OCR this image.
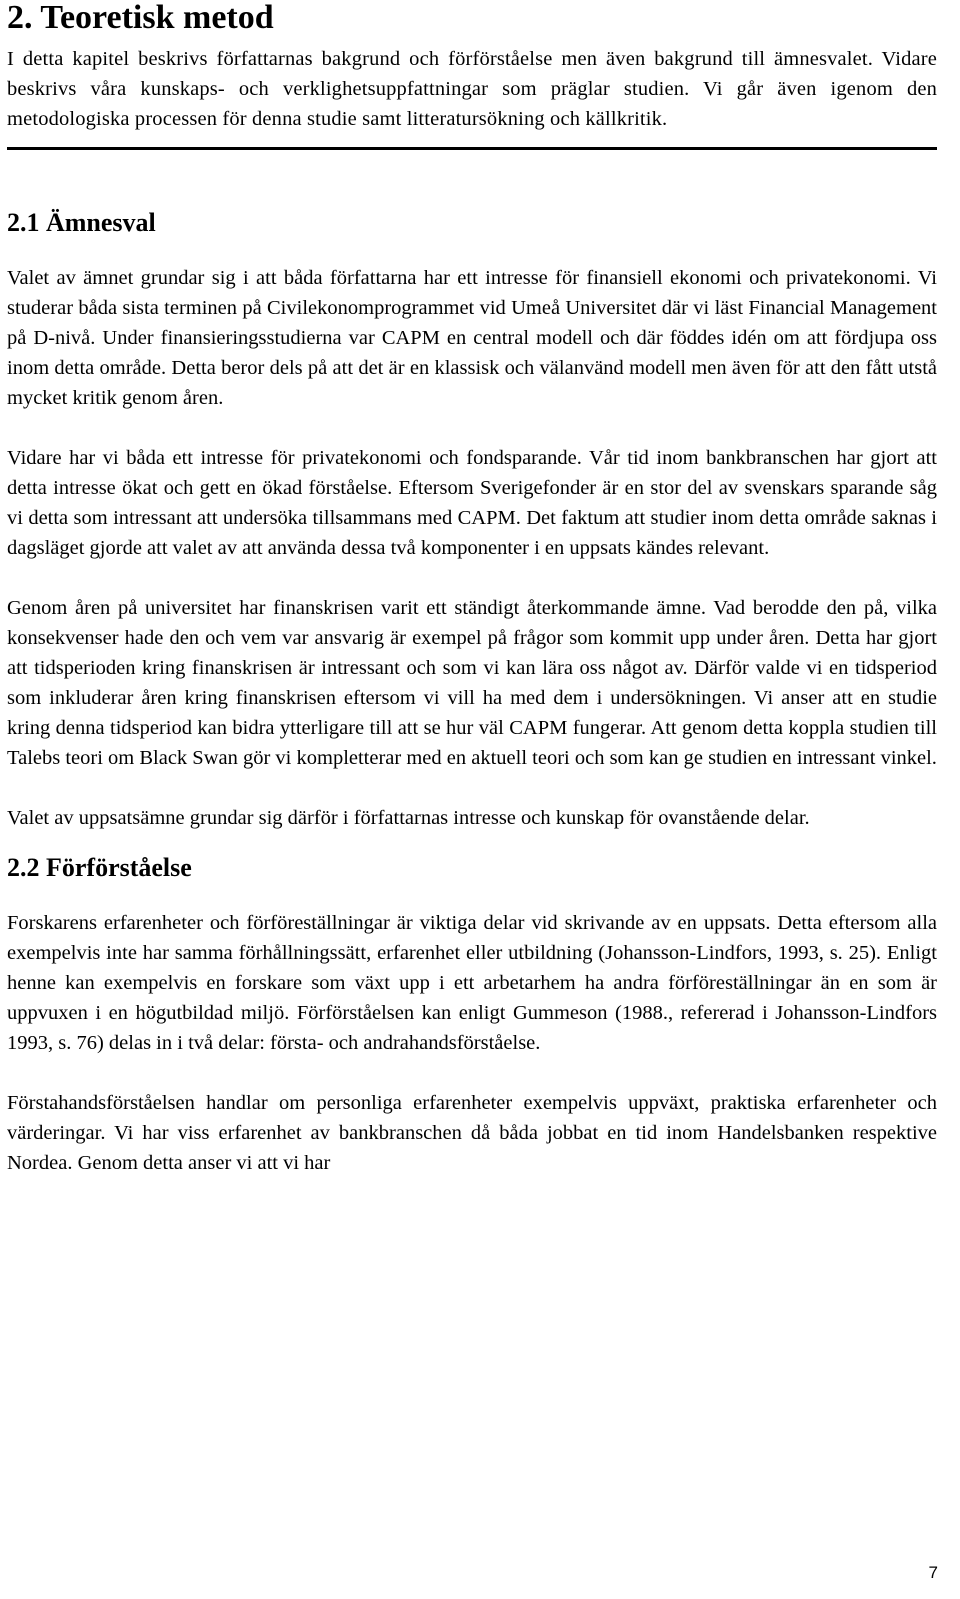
2. Teoretisk metod

I detta kapitel beskrivs författarnas bakgrund och förförståelse men även bakgrund till ämnesvalet. Vidare beskrivs våra kunskaps- och verklighetsuppfattningar som präglar studien. Vi går även igenom den metodologiska processen för denna studie samt litteratursökning och källkritik.

2.1 Ämnesval

Valet av ämnet grundar sig i att båda författarna har ett intresse för finansiell ekonomi och privatekonomi. Vi studerar båda sista terminen på Civilekonomprogrammet vid Umeå Universitet där vi läst Financial Management på D-nivå. Under finansieringsstudierna var CAPM en central modell och där föddes idén om att fördjupa oss inom detta område. Detta beror dels på att det är en klassisk och välanvänd modell men även för att den fått utstå mycket kritik genom åren.

Vidare har vi båda ett intresse för privatekonomi och fondsparande. Vår tid inom bankbranschen har gjort att detta intresse ökat och gett en ökad förståelse. Eftersom Sverigefonder är en stor del av svenskars sparande såg vi detta som intressant att undersöka tillsammans med CAPM. Det faktum att studier inom detta område saknas i dagsläget gjorde att valet av att använda dessa två komponenter i en uppsats kändes relevant.

Genom åren på universitet har finanskrisen varit ett ständigt återkommande ämne. Vad berodde den på, vilka konsekvenser hade den och vem var ansvarig är exempel på frågor som kommit upp under åren. Detta har gjort att tidsperioden kring finanskrisen är intressant och som vi kan lära oss något av. Därför valde vi en tidsperiod som inkluderar åren kring finanskrisen eftersom vi vill ha med dem i undersökningen. Vi anser att en studie kring denna tidsperiod kan bidra ytterligare till att se hur väl CAPM fungerar. Att genom detta koppla studien till Talebs teori om Black Swan gör vi kompletterar med en aktuell teori och som kan ge studien en intressant vinkel.

Valet av uppsatsämne grundar sig därför i författarnas intresse och kunskap för ovanstående delar.

2.2 Förförståelse

Forskarens erfarenheter och förföreställningar är viktiga delar vid skrivande av en uppsats. Detta eftersom alla exempelvis inte har samma förhållningssätt, erfarenhet eller utbildning (Johansson-Lindfors, 1993, s. 25). Enligt henne kan exempelvis en forskare som växt upp i ett arbetarhem ha andra förföreställningar än en som är uppvuxen i en högutbildad miljö. Förförståelsen kan enligt Gummeson (1988., refererad i Johansson-Lindfors 1993, s. 76) delas in i två delar: första- och andrahandsförståelse.

Förstahandsförståelsen handlar om personliga erfarenheter exempelvis uppväxt, praktiska erfarenheter och värderingar. Vi har viss erfarenhet av bankbranschen då båda jobbat en tid inom Handelsbanken respektive Nordea. Genom detta anser vi att vi har

7
